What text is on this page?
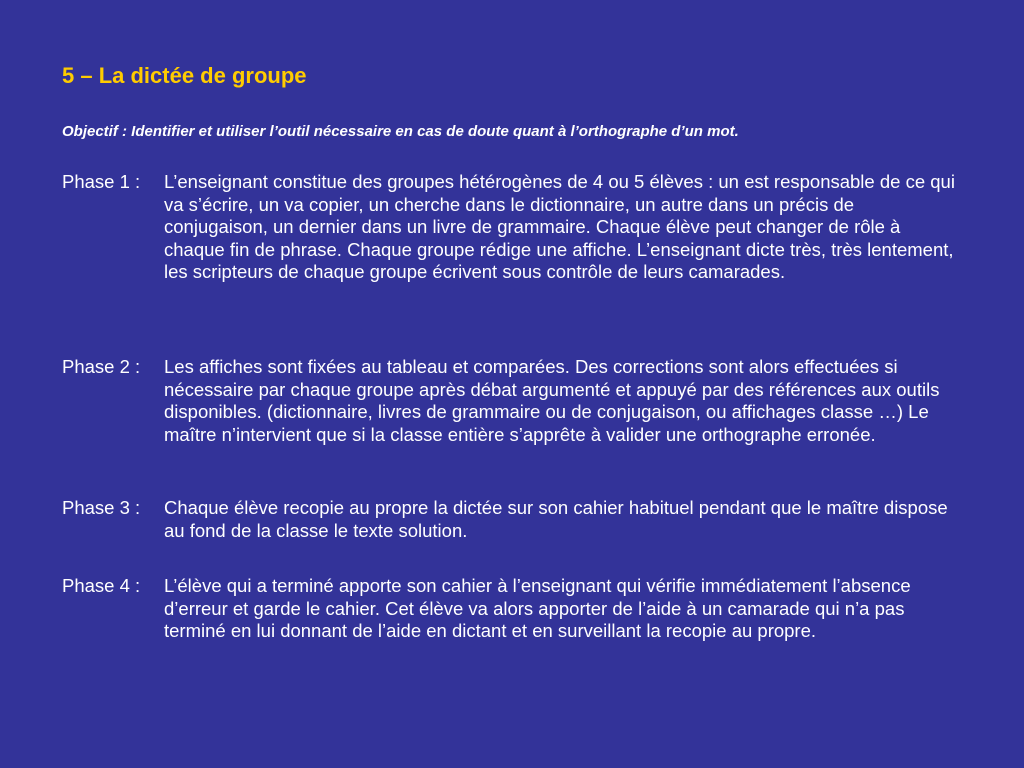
5 – La dictée de groupe

Objectif : Identifier et utiliser l’outil nécessaire en cas de doute quant à l’orthographe d’un mot.

Phase 1 : L’enseignant constitue des groupes hétérogènes de 4 ou 5 élèves : un est responsable de ce qui va s’écrire, un va copier, un cherche dans le dictionnaire, un autre dans un précis de conjugaison, un dernier dans un livre de grammaire. Chaque élève peut changer de rôle à chaque fin de phrase. Chaque groupe rédige une affiche. L’enseignant dicte très, très lentement, les scripteurs de chaque groupe écrivent sous contrôle de leurs camarades.
Phase 2 : Les affiches sont fixées au tableau et comparées. Des corrections sont alors effectuées si nécessaire par chaque groupe après débat argumenté et appuyé par des références aux outils disponibles. (dictionnaire, livres de grammaire ou de conjugaison, ou affichages classe …) Le maître n’intervient que si la classe entière s’apprête à valider une orthographe erronée.
Phase 3 : Chaque élève recopie au propre la dictée sur son cahier habituel pendant que le maître dispose au fond de la classe le texte solution.
Phase 4 : L’élève qui a terminé apporte son cahier à l’enseignant qui vérifie immédiatement l’absence d’erreur et garde le cahier. Cet élève va alors apporter de l’aide à un camarade qui n’a pas terminé en lui donnant de l’aide en dictant et en surveillant la recopie au propre.
